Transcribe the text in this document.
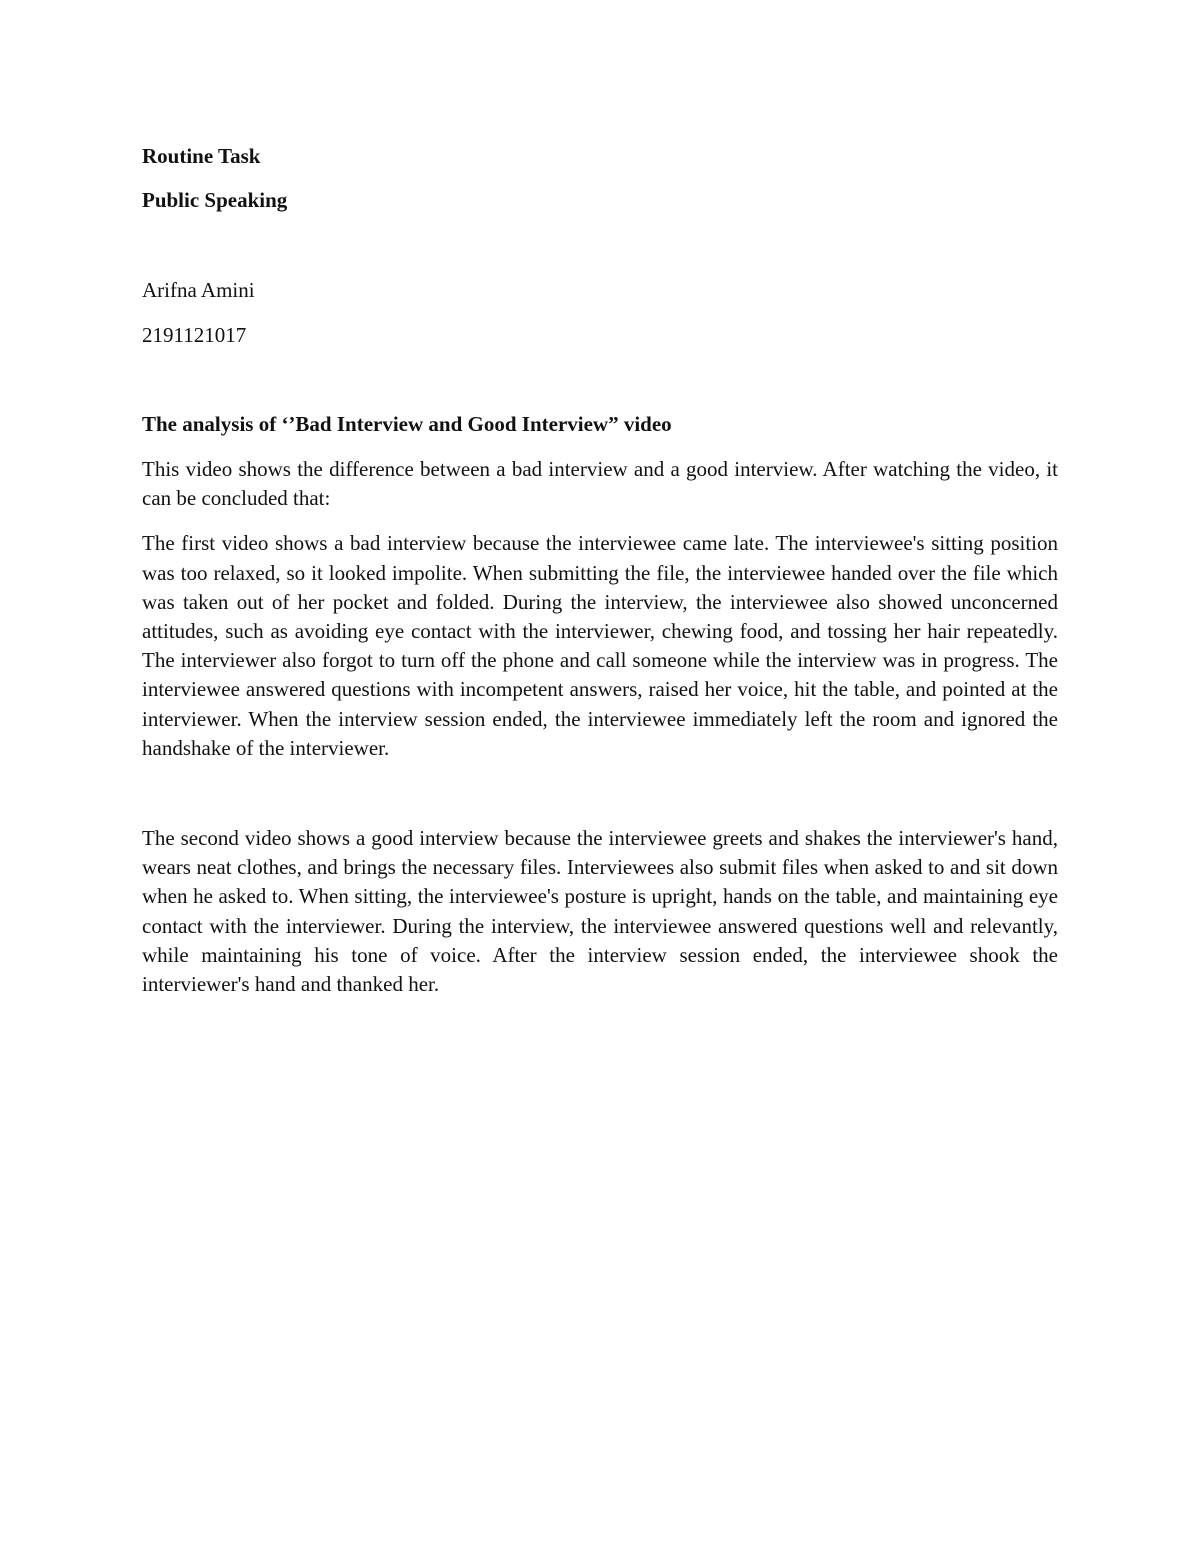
Routine Task

Public Speaking

Arifna Amini

2191121017

The analysis of ‘’Bad Interview and Good Interview” video

This video shows the difference between a bad interview and a good interview. After watching the video, it can be concluded that:

The first video shows a bad interview because the interviewee came late. The interviewee's sitting position was too relaxed, so it looked impolite. When submitting the file, the interviewee handed over the file which was taken out of her pocket and folded. During the interview, the interviewee also showed unconcerned attitudes, such as avoiding eye contact with the interviewer, chewing food, and tossing her hair repeatedly. The interviewer also forgot to turn off the phone and call someone while the interview was in progress. The interviewee answered questions with incompetent answers, raised her voice, hit the table, and pointed at the interviewer. When the interview session ended, the interviewee immediately left the room and ignored the handshake of the interviewer.

The second video shows a good interview because the interviewee greets and shakes the interviewer's hand, wears neat clothes, and brings the necessary files. Interviewees also submit files when asked to and sit down when he asked to. When sitting, the interviewee's posture is upright, hands on the table, and maintaining eye contact with the interviewer. During the interview, the interviewee answered questions well and relevantly, while maintaining his tone of voice. After the interview session ended, the interviewee shook the interviewer's hand and thanked her.
